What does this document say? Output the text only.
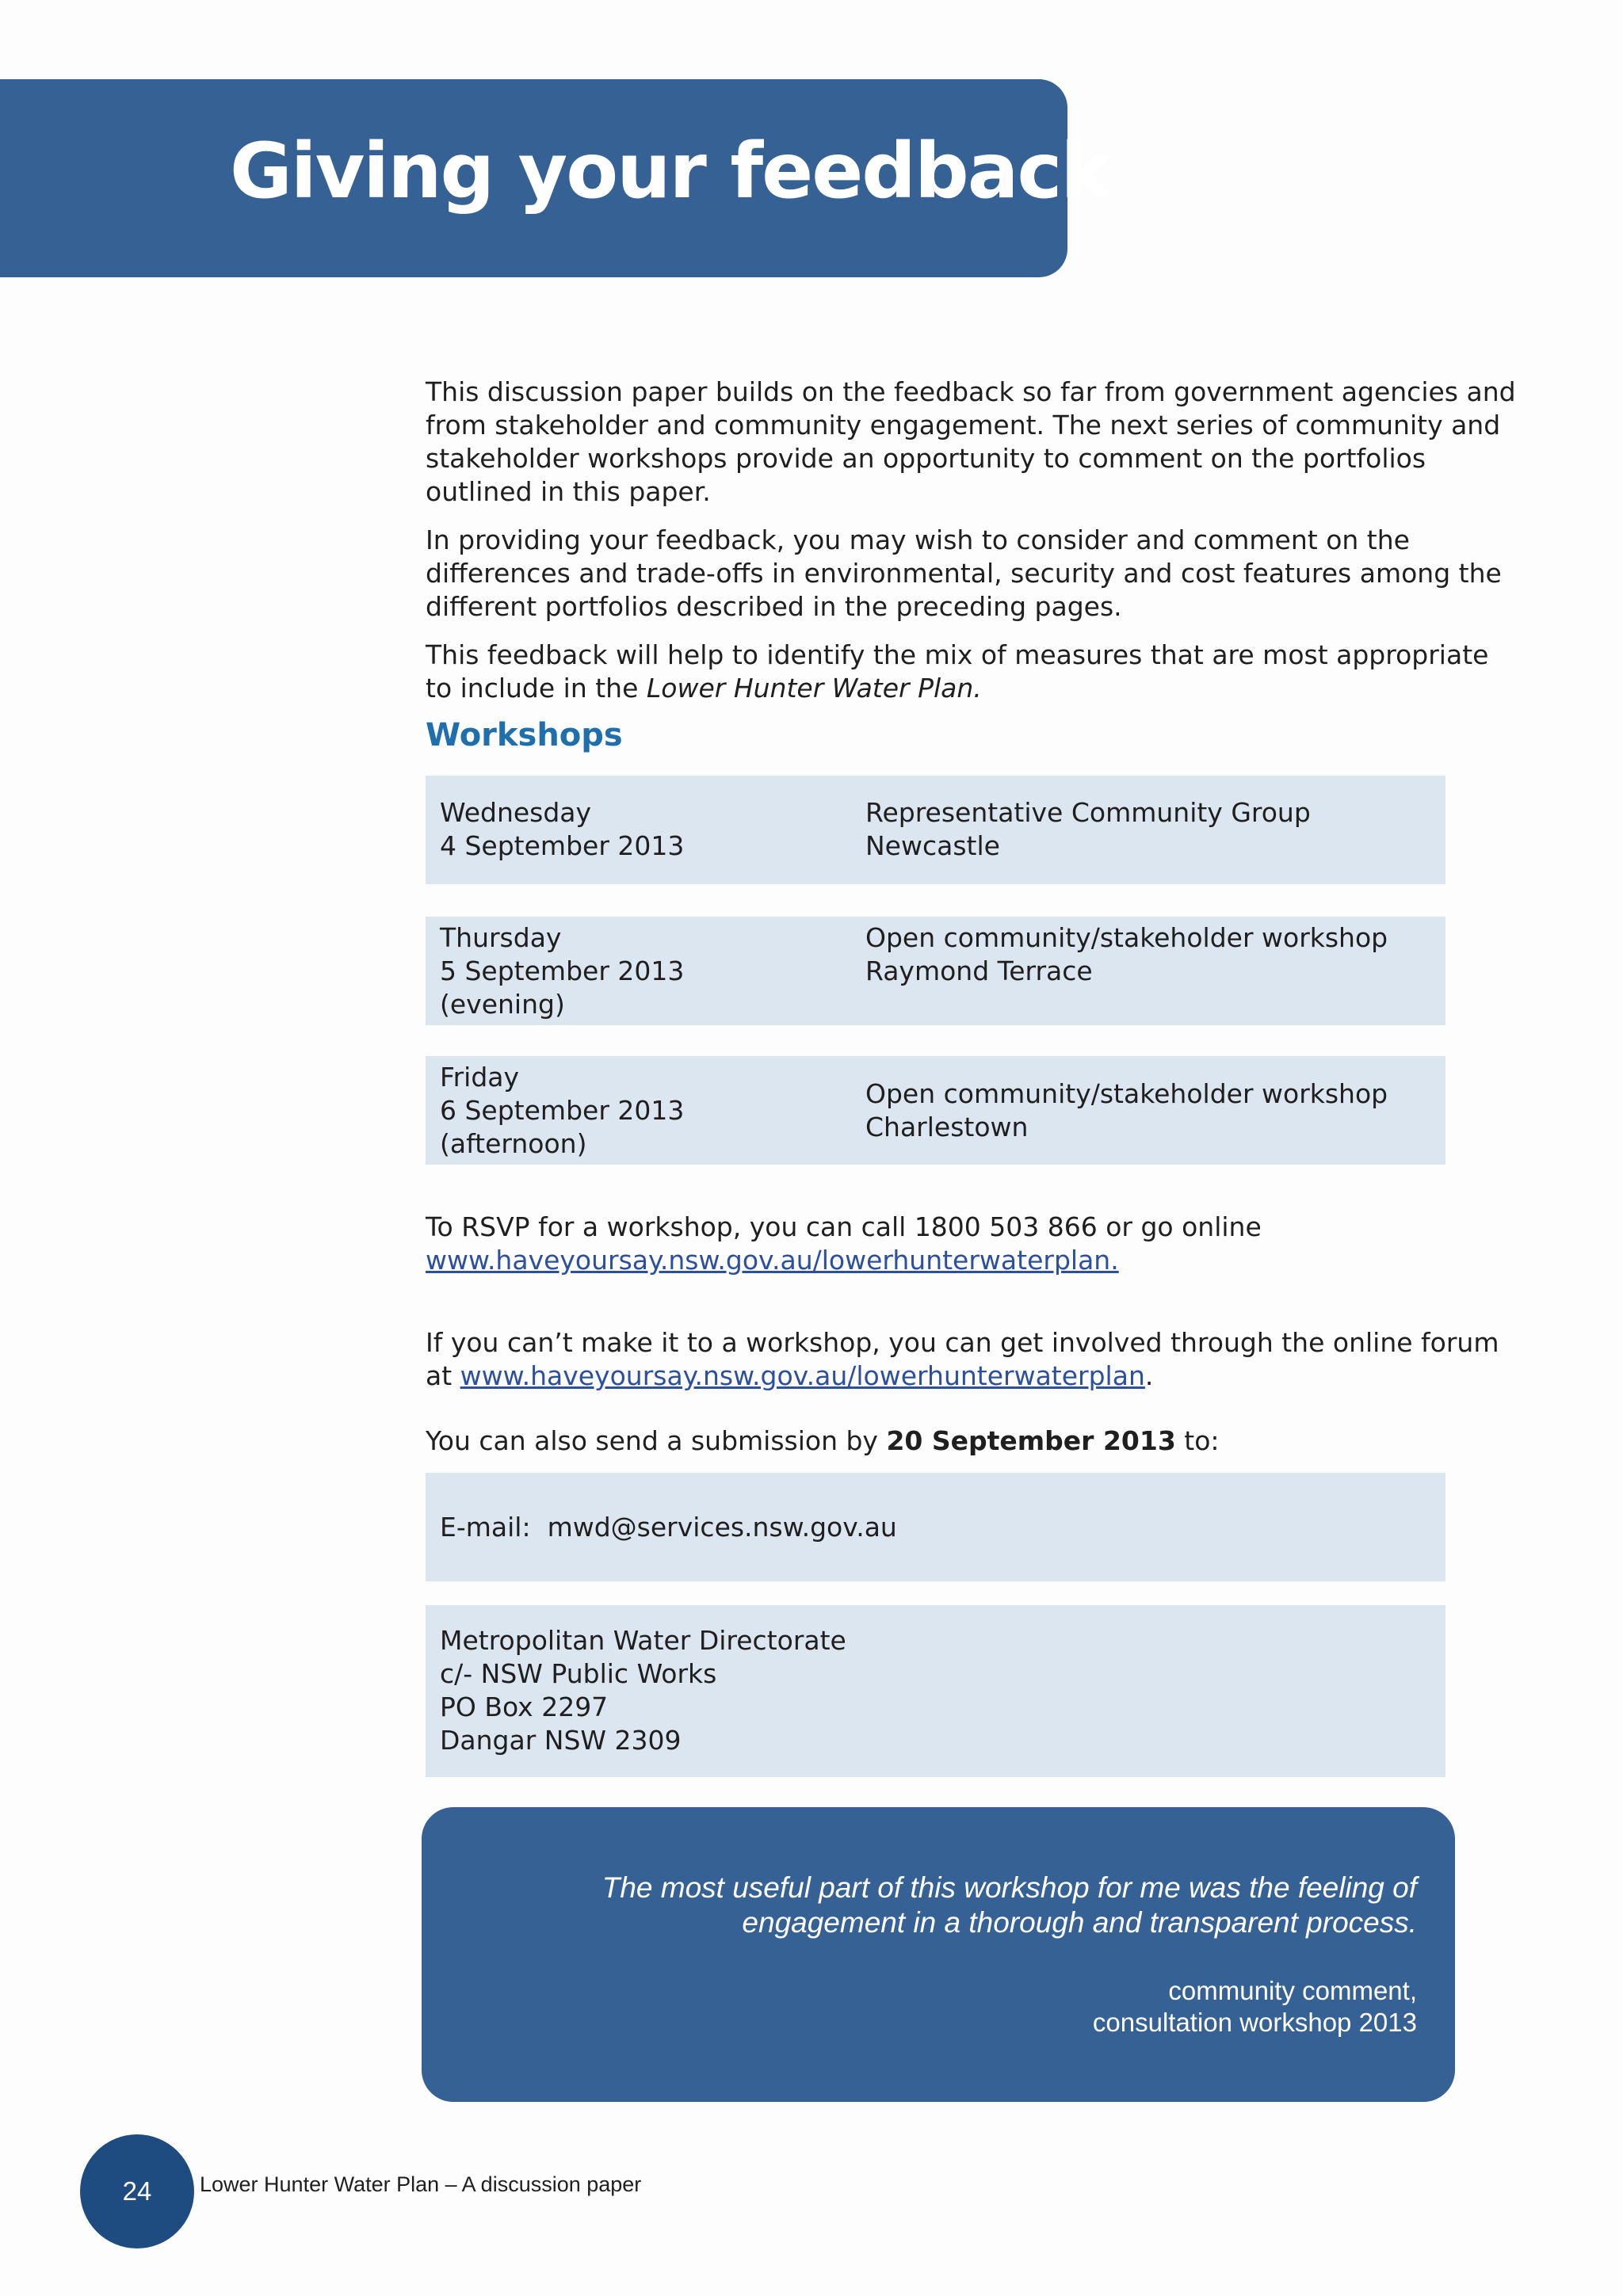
Giving your feedback
This discussion paper builds on the feedback so far from government agencies and
from stakeholder and community engagement. The next series of community and
stakeholder workshops provide an opportunity to comment on the portfolios
outlined in this paper.
In providing your feedback, you may wish to consider and comment on the
differences and trade-offs in environmental, security and cost features among the
different portfolios described in the preceding pages.
This feedback will help to identify the mix of measures that are most appropriate
to include in the Lower Hunter Water Plan.
Workshops
Wednesday
4 September 2013
Representative Community Group
Newcastle
Thursday
5 September 2013
(evening)
Open community/stakeholder workshop
Raymond Terrace
Friday
6 September 2013
(afternoon)
Open community/stakeholder workshop
Charlestown
To RSVP for a workshop, you can call 1800 503 866 or go online
www.haveyoursay.nsw.gov.au/lowerhunterwaterplan.
If you can’t make it to a workshop, you can get involved through the online forum
at www.haveyoursay.nsw.gov.au/lowerhunterwaterplan.
You can also send a submission by 20 September 2013 to:
E-mail: mwd@services.nsw.gov.au
Metropolitan Water Directorate
c/- NSW Public Works
PO Box 2297
Dangar NSW 2309
The most useful part of this workshop for me was the feeling of
engagement in a thorough and transparent process.
community comment,
consultation workshop 2013
24 Lower Hunter Water Plan – A discussion paper
